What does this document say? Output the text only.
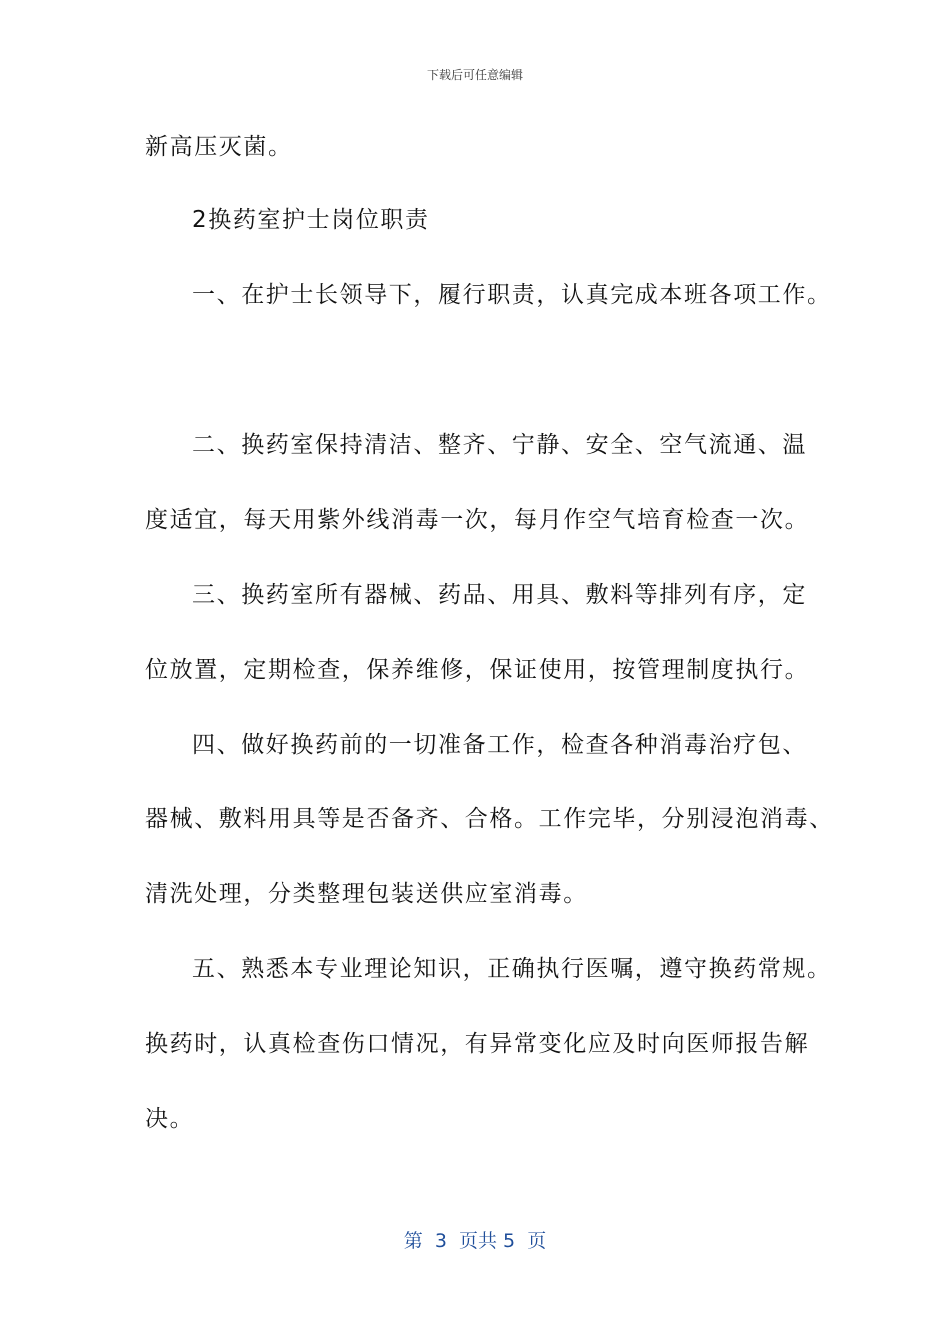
下载后可任意编辑
新高压灭菌。
2换药室护士岗位职责
一、在护士长领导下，履行职责，认真完成本班各项工作。
二、换药室保持清洁、整齐、宁静、安全、空气流通、温
度适宜，每天用紫外线消毒一次，每月作空气培育检查一次。
三、换药室所有器械、药品、用具、敷料等排列有序，定
位放置，定期检查，保养维修，保证使用，按管理制度执行。
四、做好换药前的一切准备工作，检查各种消毒治疗包、
器械、敷料用具等是否备齐、合格。工作完毕，分别浸泡消毒、
清洗处理，分类整理包装送供应室消毒。
五、熟悉本专业理论知识，正确执行医嘱，遵守换药常规。
换药时，认真检查伤口情况，有异常变化应及时向医师报告解
决。
第  3  页共 5  页
